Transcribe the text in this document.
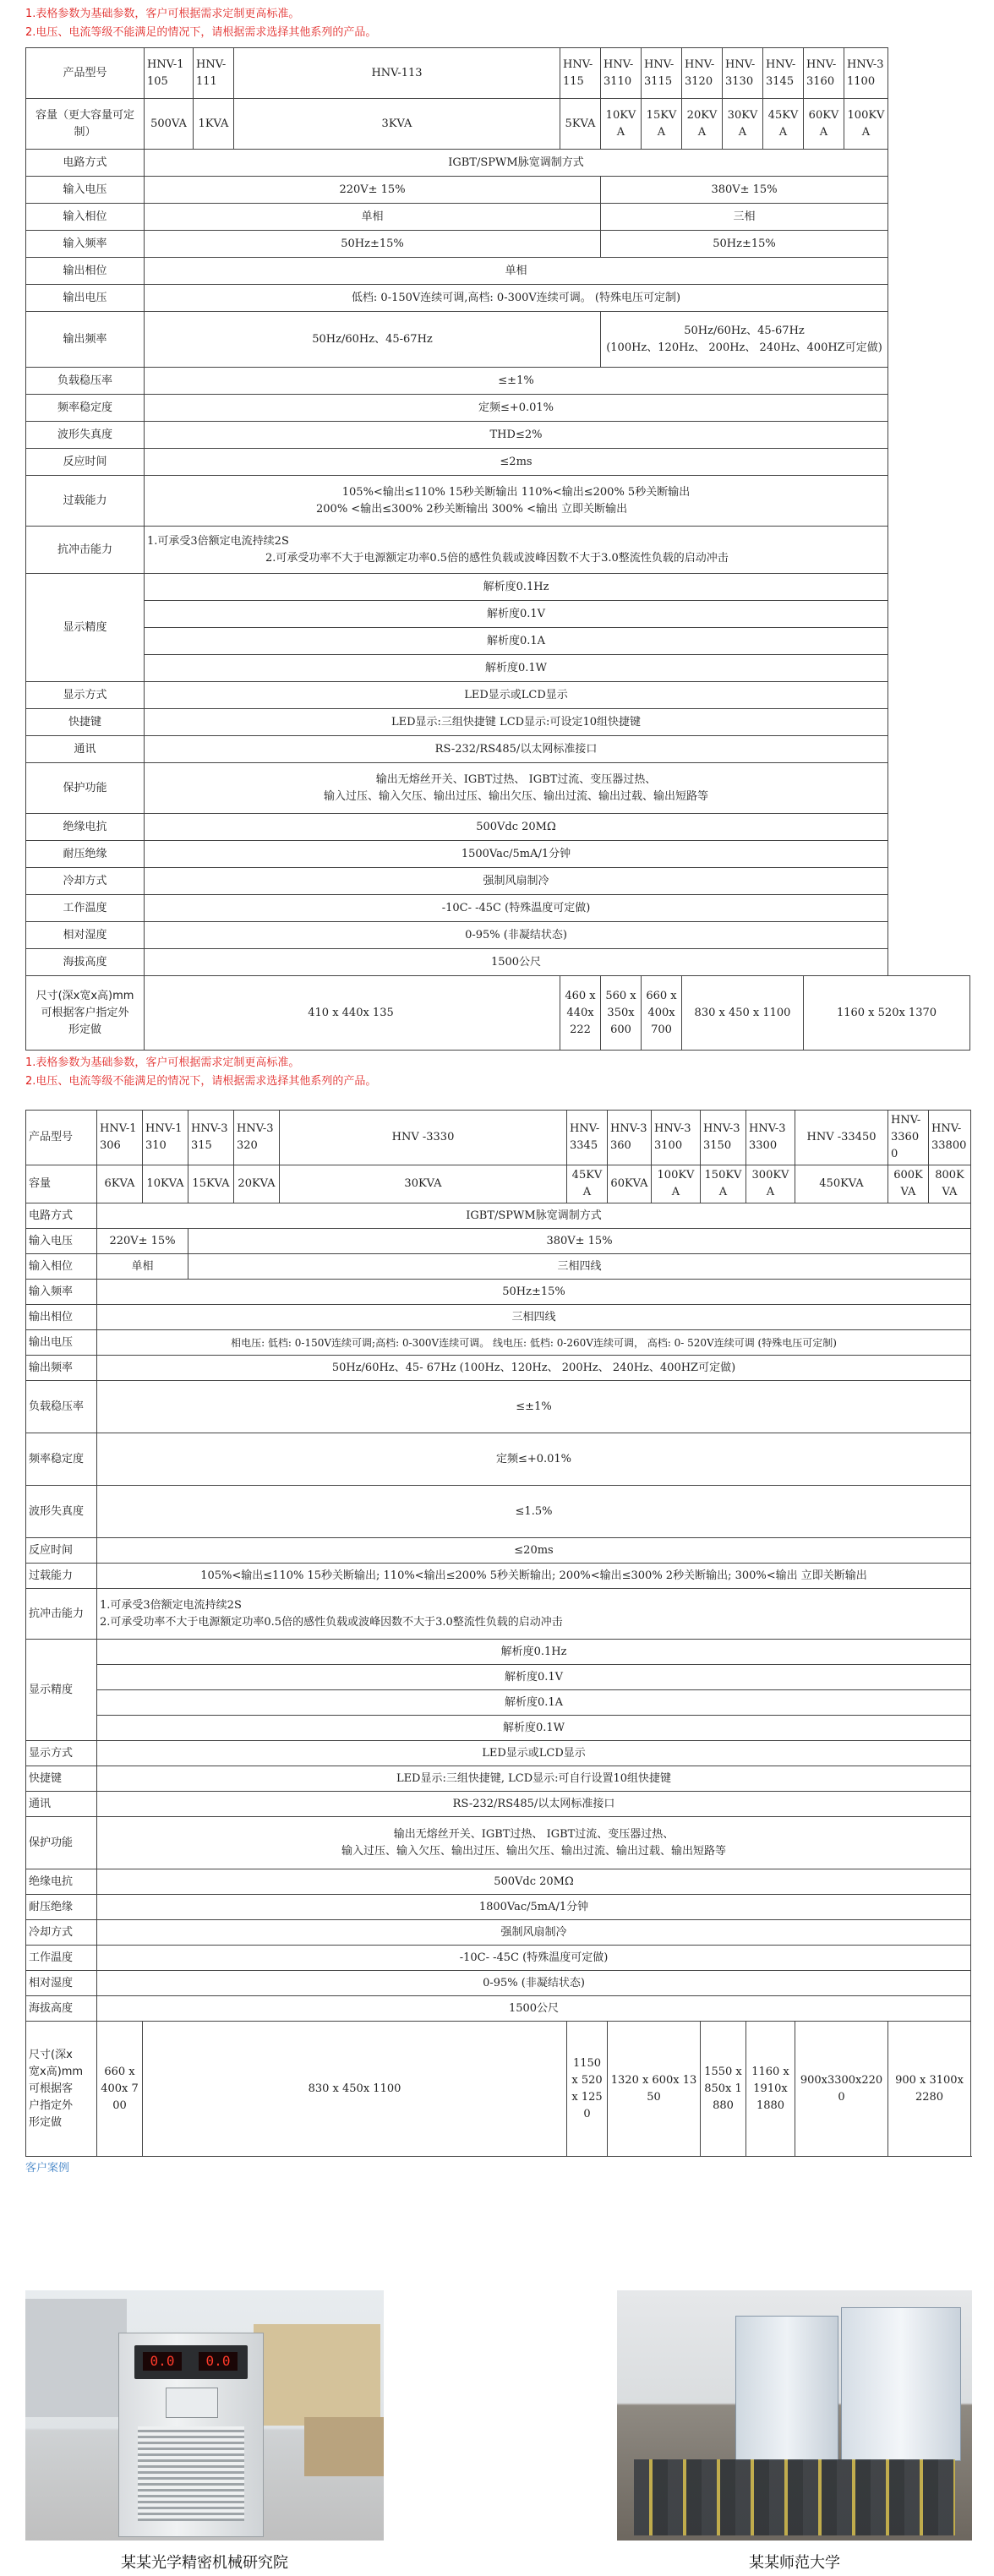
1.表格参数为基础参数，客户可根据需求定制更高标准。
2.电压、电流等级不能满足的情况下，请根据需求选择其他系列的产品。
产品型号	HNV-1105	HNV-111	HNV-113	HNV-115	HNV-3110	HNV-3115	HNV-3120	HNV-3130	HNV-3145	HNV-3160	HNV-31100
容量（更大容量可定制）	500VA	1KVA	3KVA	5KVA	10KVA	15KVA	20KVA	30KVA	45KVA	60KVA	100KVA
电路方式	IGBT/SPWM脉宽调制方式										
输入电压	220V± 15%				380V± 15%						
输入相位	单相				三相						
输入频率	50Hz±15%				50Hz±15%						
输出相位	单相										
输出电压	低档: 0-150V连续可调,高档: 0-300V连续可调。 (特殊电压可定制)										
输出频率	50Hz/60Hz、45-67Hz				50Hz/60Hz、45-67Hz
(100Hz、120Hz、 200Hz、 240Hz、400HZ可定做)						

负载稳压率	≤±1%										
频率稳定度	定频≤+0.01%										
波形失真度	THD≤2%										
反应时间	≤2ms										
过载能力	105%<输出≤110% 15秒关断输出 110%<输出≤200% 5秒关断输出
200% <输出≤300% 2秒关断输出 300% <输出 立即关断输出										

抗冲击能力	1.可承受3倍额定电流持续2S
2.可承受功率不大于电源额定功率0.5倍的感性负载或波峰因数不大于3.0整流性负载的启动冲击										

显示精度	解析度0.1Hz										
	解析度0.1V										
	解析度0.1A										
	解析度0.1W										
显示方式	LED显示或LCD显示										
快捷键	LED显示:三组快捷键 LCD显示:可设定10组快捷键										
通讯	RS-232/RS485/以太网标准接口										
保护功能	输出无熔丝开关、IGBT过热、 IGBT过流、变压器过热、
输入过压、输入欠压、输出过压、输出欠压、输出过流、输出过载、输出短路等										

绝缘电抗	500Vdc 20MΩ										
耐压绝缘	1500Vac/5mA/1分钟										
冷却方式	强制风扇制冷										
工作温度	-10C- -45C (特殊温度可定做)										
相对湿度	0-95% (非凝结状态)										
海拔高度	1500公尺										

尺寸(深x宽x高)mm
可根据客户指定外
形定做	410 x 440x 135			460 x 440x 222	560 x 350x 600	660 x 400x 700	830 x 450 x 1100			1160 x 520x 1370	
1.表格参数为基础参数，客户可根据需求定制更高标准。
2.电压、电流等级不能满足的情况下，请根据需求选择其他系列的产品。
产品型号	HNV-1306	HNV-1310	HNV-3315	HNV-3320	HNV -3330	HNV-3345	HNV-3360	HNV-33100	HNV-33150	HNV-33300	HNV -33450	HNV-33600	HNV-33800
容量	6KVA	10KVA	15KVA	20KVA	30KVA	45KVA	60KVA	100KVA	150KVA	300KVA	450KVA	600KVA	800KVA
电路方式	IGBT/SPWM脉宽调制方式												
输入电压	220V± 15%		380V± 15%										
输入相位	单相		三相四线										
输入频率	50Hz±15%												
输出相位	三相四线												
输出电压	相电压: 低档: 0-150V连续可调;高档: 0-300V连续可调。 线电压: 低档: 0-260V连续可调， 高档: 0- 520V连续可调 (特殊电压可定制)												
输出频率	50Hz/60Hz、45- 67Hz (100Hz、120Hz、 200Hz、 240Hz、400HZ可定做)												
负载稳压率	≤±1%												
频率稳定度	定频≤+0.01%												
波形失真度	≤1.5%												
反应时间	≤20ms												
过载能力	105%<输出≤110% 15秒关断输出; 110%<输出≤200% 5秒关断输出; 200%<输出≤300% 2秒关断输出; 300%<输出 立即关断输出												
抗冲击能力	1.可承受3倍额定电流持续2S
2.可承受功率不大于电源额定功率0.5倍的感性负载或波峰因数不大于3.0整流性负载的启动冲击												

显示精度	解析度0.1Hz												
	解析度0.1V												
	解析度0.1A												
	解析度0.1W												
显示方式	LED显示或LCD显示												
快捷键	LED显示:三组快捷键, LCD显示:可自行设置10组快捷键												
通讯	RS-232/RS485/以太网标准接口												
保护功能	输出无熔丝开关、IGBT过热、 IGBT过流、变压器过热、
输入过压、输入欠压、输出过压、输出欠压、输出过流、输出过载、输出短路等												

绝缘电抗	500Vdc 20MΩ												
耐压绝缘	1800Vac/5mA/1分钟												
冷却方式	强制风扇制冷												
工作温度	-10C- -45C (特殊温度可定做)												
相对湿度	0-95% (非凝结状态)												
海拔高度	1500公尺												

尺寸(深x
宽x高)mm
可根据客
户指定外
形定做	660 x 400x 700	830 x 450x 1100				1150 x 520x 1250	1320 x 600x 1350		1550 x 850x 1880	1160 x 1910x 1880	900x3300x2200	900 x 3100x 2280	
客户案例
0.0	0.0
某某光学精密机械研究院	某某师范大学
